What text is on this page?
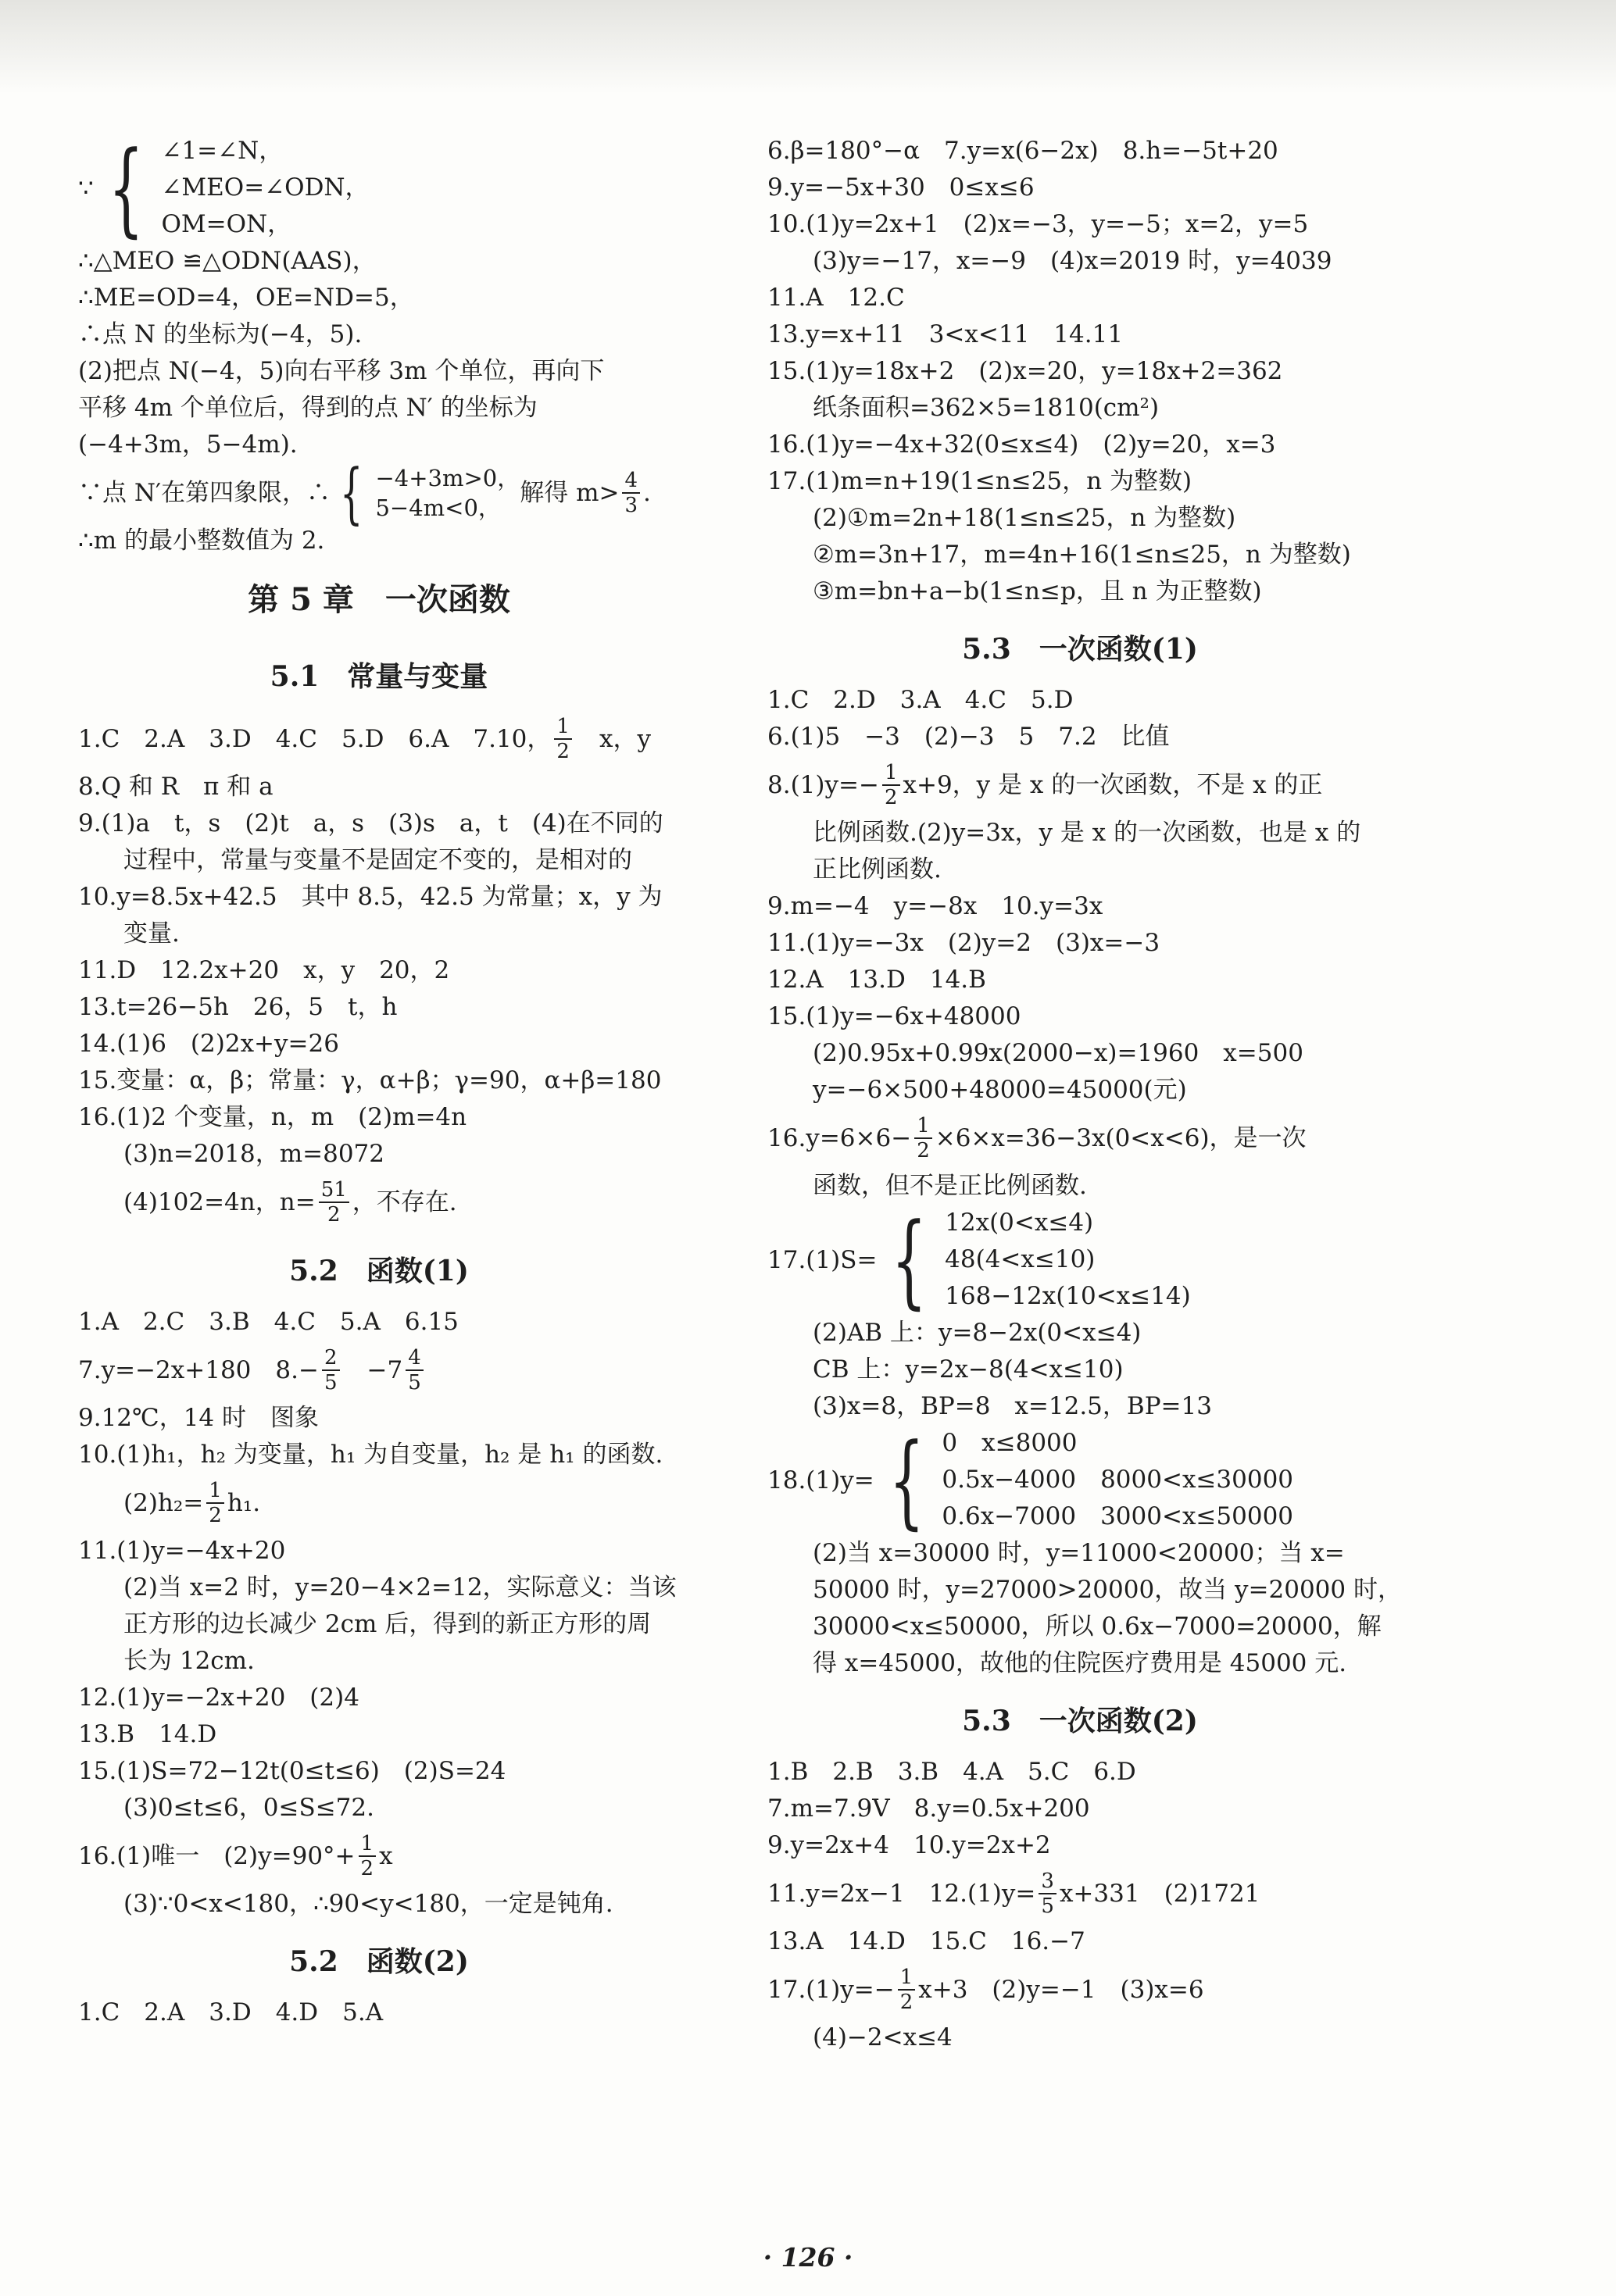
∵ { ∠1=∠N，
∠MEO=∠ODN，
OM=ON，
∴△MEO ≌△ODN(AAS)，
∴ME=OD=4，OE=ND=5，
∴点 N 的坐标为(−4，5).
(2)把点 N(−4，5)向右平移 3m 个单位，再向下
平移 4m 个单位后，得到的点 N′ 的坐标为
(−4+3m，5−4m).
∵点 N′在第四象限，∴ { −4+3m>0，
5−4m<0，
解得 $m> \frac{4}{3}$ .
∴m 的最小整数值为 2.
第 5 章　一次函数
5.1　常量与变量
1.C　2.A　3.D　4.C　5.D　6.A　7.10， $\frac{1}{2}$ 　x，y
8.Q 和 R　π 和 a
9.(1)a　t，s　(2)t　a，s　(3)s　a，t　(4)在不同的
过程中，常量与变量不是固定不变的，是相对的
10.y=8.5x+42.5　其中 8.5，42.5 为常量；x，y 为
变量.
11.D　12.2x+20　x，y　20，2
13.t=26−5h　26，5　t，h
14.(1)6　(2)2x+y=26
15.变量：α，β；常量：γ，α+β；γ=90，α+β=180
16.(1)2 个变量，n，m　(2)m=4n
(3)n=2018，m=8072
(4)102=4n，$n= \frac{51}{2}$ ，不存在.
5.2　函数(1)
1.A　2.C　3.B　4.C　5.A　6.15
7.y=−2x+180　$8.- \frac{2}{5}$ 　$-7 \frac{4}{5}$
9.12℃，14 时　图象
10.(1)h₁，h₂ 为变量，h₁ 为自变量，h₂ 是 h₁ 的函数.
$(2)h_2= \frac{1}{2} h_1$.
11.(1)y=−4x+20
(2)当 x=2 时，y=20−4×2=12，实际意义：当该
正方形的边长减少 2cm 后，得到的新正方形的周
长为 12cm.
12.(1)y=−2x+20　(2)4
13.B　14.D
15.(1)S=72−12t(0≤t≤6)　(2)S=24
(3)0≤t≤6，0≤S≤72.
16.(1)唯一　$(2)y=90^\circ+ \frac{1}{2}$ x
(3)∵0<x<180，∴90<y<180，一定是钝角.
5.2　函数(2)
1.C　2.A　3.D　4.D　5.A
6.β=180°−α　7.y=x(6−2x)　8.h=−5t+20
9.y=−5x+30　0≤x≤6
10.(1)y=2x+1　(2)x=−3，y=−5；x=2，y=5
(3)y=−17，x=−9　(4)x=2019 时，y=4039
11.A　12.C
13.y=x+11　3<x<11　14.11
15.(1)y=18x+2　(2)x=20，y=18x+2=362
纸条面积=362×5=1810(cm²)
16.(1)y=−4x+32(0≤x≤4)　(2)y=20，x=3
17.(1)m=n+19(1≤n≤25，n 为整数)
(2)①m=2n+18(1≤n≤25，n 为整数)
②m=3n+17，m=4n+16(1≤n≤25，n 为整数)
③m=bn+a−b(1≤n≤p，且 n 为正整数)
5.3　一次函数(1)
1.C　2.D　3.A　4.C　5.D
6.(1)5　−3　(2)−3　5　7.2　比值
$8.(1)y=- \frac{1}{2} x+9$，y 是 x 的一次函数，不是 x 的正
比例函数.(2)y=3x，y 是 x 的一次函数，也是 x 的
正比例函数.
9.m=−4　y=−8x　10.y=3x
11.(1)y=−3x　(2)y=2　(3)x=−3
12.A　13.D　14.B
15.(1)y=−6x+48000
(2)0.95x+0.99x(2000−x)=1960　x=500
y=−6×500+48000=45000(元)
$16.y=6\times 6- \frac{1}{2} \times 6\times x=36-3x(0<x<6)$，是一次
函数，但不是正比例函数.
17.(1)S= { 12x(0<x≤4)
48(4<x≤10)
168−12x(10<x≤14)
(2)AB 上：y=8−2x(0<x≤4)
CB 上：y=2x−8(4<x≤10)
(3)x=8，BP=8　x=12.5，BP=13
18.(1)y= { 0　x≤8000
0.5x−4000　8000<x≤30000
0.6x−7000　3000<x≤50000
(2)当 x=30000 时，y=11000<20000；当 x=
50000 时，y=27000>20000，故当 y=20000 时，
30000<x≤50000，所以 0.6x−7000=20000，解
得 x=45000，故他的住院医疗费用是 45000 元.
5.3　一次函数(2)
1.B　2.B　3.B　4.A　5.C　6.D
7.m=7.9V　8.y=0.5x+200
9.y=2x+4　10.y=2x+2
11.y=2x−1　$12.(1)y= \frac{3}{5} x+331$　(2)1721
13.A　14.D　15.C　16.−7
$17.(1)y=- \frac{1}{2} x+3$　(2)y=−1　(3)x=6
(4)−2<x≤4
· 126 ·
